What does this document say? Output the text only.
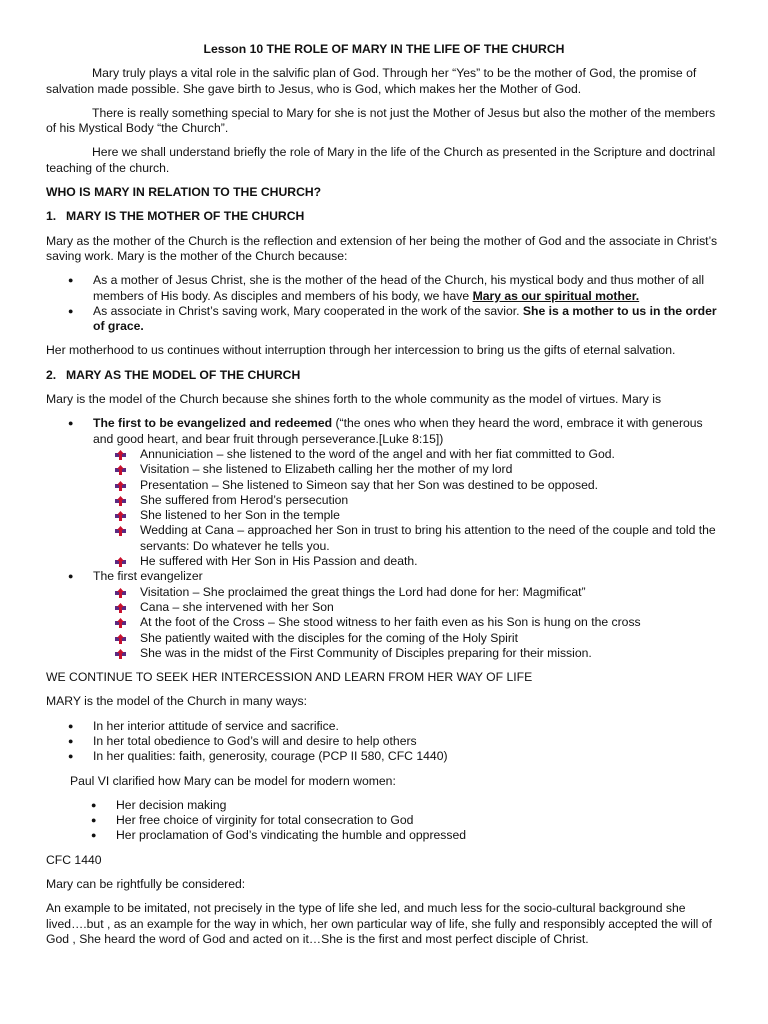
Lesson 10 THE ROLE OF MARY IN THE LIFE OF THE CHURCH

Mary truly plays a vital role in the salvific plan of God. Through her “Yes” to be the mother of God, the promise of salvation made possible. She gave birth to Jesus, who is God, which makes her the Mother of God.

There is really something special to Mary for she is not just the Mother of Jesus but also the mother of the members of his Mystical Body “the Church”.

Here we shall understand briefly the role of Mary in the life of the Church as presented in the Scripture and doctrinal teaching of the church.

WHO IS MARY IN RELATION TO THE CHURCH?

1. MARY IS THE MOTHER OF THE CHURCH

Mary as the mother of the Church is the reflection and extension of her being the mother of God and the associate in Christ’s saving work. Mary is the mother of the Church because:

●	As a mother of Jesus Christ, she is the mother of the head of the Church, his mystical body and thus mother of all members of His body. As disciples and members of his body, we have Mary as our spiritual mother.
●	As associate in Christ’s saving work, Mary cooperated in the work of the savior. She is a mother to us in the order of grace.

Her motherhood to us continues without interruption through her intercession to bring us the gifts of eternal salvation.

2. MARY AS THE MODEL OF THE CHURCH

Mary is the model of the Church because she shines forth to the whole community as the model of virtues. Mary is

●	The first to be evangelized and redeemed (“the ones who when they heard the word, embrace it with generous and good heart, and bear fruit through perseverance.[Luke 8:15])
Annuniciation – she listened to the word of the angel and with her fiat committed to God.
Visitation – she listened to Elizabeth calling her the mother of my lord
Presentation – She listened to Simeon say that her Son was destined to be opposed.
She suffered from Herod’s persecution
She listened to her Son in the temple
Wedding at Cana – approached her Son in trust to bring his attention to the need of the couple and told the servants: Do whatever he tells you.
He suffered with Her Son in His Passion and death.
●	The first evangelizer
Visitation – She proclaimed the great things the Lord had done for her: Magmificat”
Cana – she intervened with her Son
At the foot of the Cross – She stood witness to her faith even as his Son is hung on the cross
She patiently waited with the disciples for the coming of the Holy Spirit
She was in the midst of the First Community of Disciples preparing for their mission.

WE CONTINUE TO SEEK HER INTERCESSION AND LEARN FROM HER WAY OF LIFE

MARY is the model of the Church in many ways:

●	In her interior attitude of service and sacrifice.
●	In her total obedience to God’s will and desire to help others
●	In her qualities: faith, generosity, courage (PCP II 580, CFC 1440)

Paul VI clarified how Mary can be model for modern women:

●	Her decision making
●	Her free choice of virginity for total consecration to God
●	Her proclamation of God’s vindicating the humble and oppressed

CFC 1440

Mary can be rightfully be considered:

An example to be imitated, not precisely in the type of life she led, and much less for the socio-cultural background she lived….but , as an example for the way in which, her own particular way of life, she fully and responsibly accepted the will of God , She heard the word of God and acted on it…She is the first and most perfect disciple of Christ.
